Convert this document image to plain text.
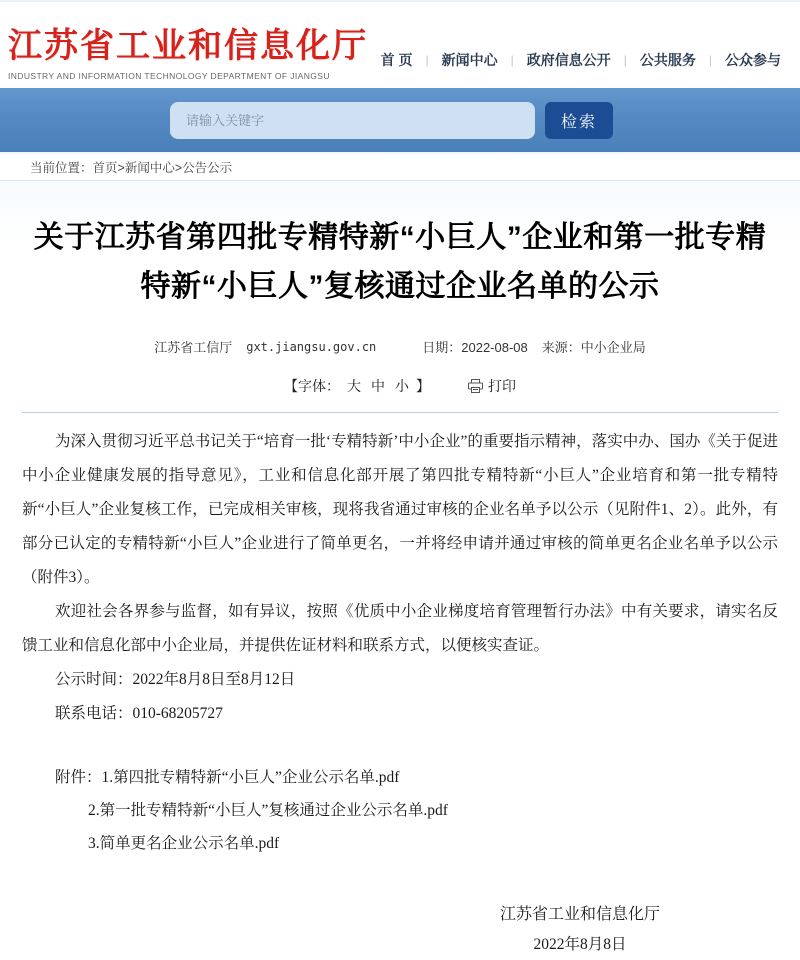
江苏省工业和信息化厅
INDUSTRY AND INFORMATION TECHNOLOGY DEPARTMENT OF JIANGSU
首 页	| 新闻中心	| 政府信息公开	| 公共服务	| 公众参与
请输入关键字
检索
当前位置： 首页>新闻中心>公告公示
关于江苏省第四批专精特新“小巨人”企业和第一批专精特新“小巨人”复核通过企业名单的公示
江苏省工信厅 gxt.jiangsu.gov.cn	日期：2022-08-08 来源：中小企业局
【字体： 大 中 小 】	打印

为深入贯彻习近平总书记关于“培育一批‘专精特新’中小企业”的重要指示精神，落实中办、国办《关于促进中小企业健康发展的指导意见》，工业和信息化部开展了第四批专精特新“小巨人”企业培育和第一批专精特新“小巨人”企业复核工作，已完成相关审核，现将我省通过审核的企业名单予以公示（见附件1、2）。此外，有部分已认定的专精特新“小巨人”企业进行了简单更名，一并将经申请并通过审核的简单更名企业名单予以公示（附件3）。

欢迎社会各界参与监督，如有异议，按照《优质中小企业梯度培育管理暂行办法》中有关要求，请实名反馈工业和信息化部中小企业局，并提供佐证材料和联系方式，以便核实查证。

公示时间：2022年8月8日至8月12日

联系电话：010-68205727

附件：1.第四批专精特新“小巨人”企业公示名单.pdf
2.第一批专精特新“小巨人”复核通过企业公示名单.pdf
3.简单更名企业公示名单.pdf
江苏省工业和信息化厅
2022年8月8日
